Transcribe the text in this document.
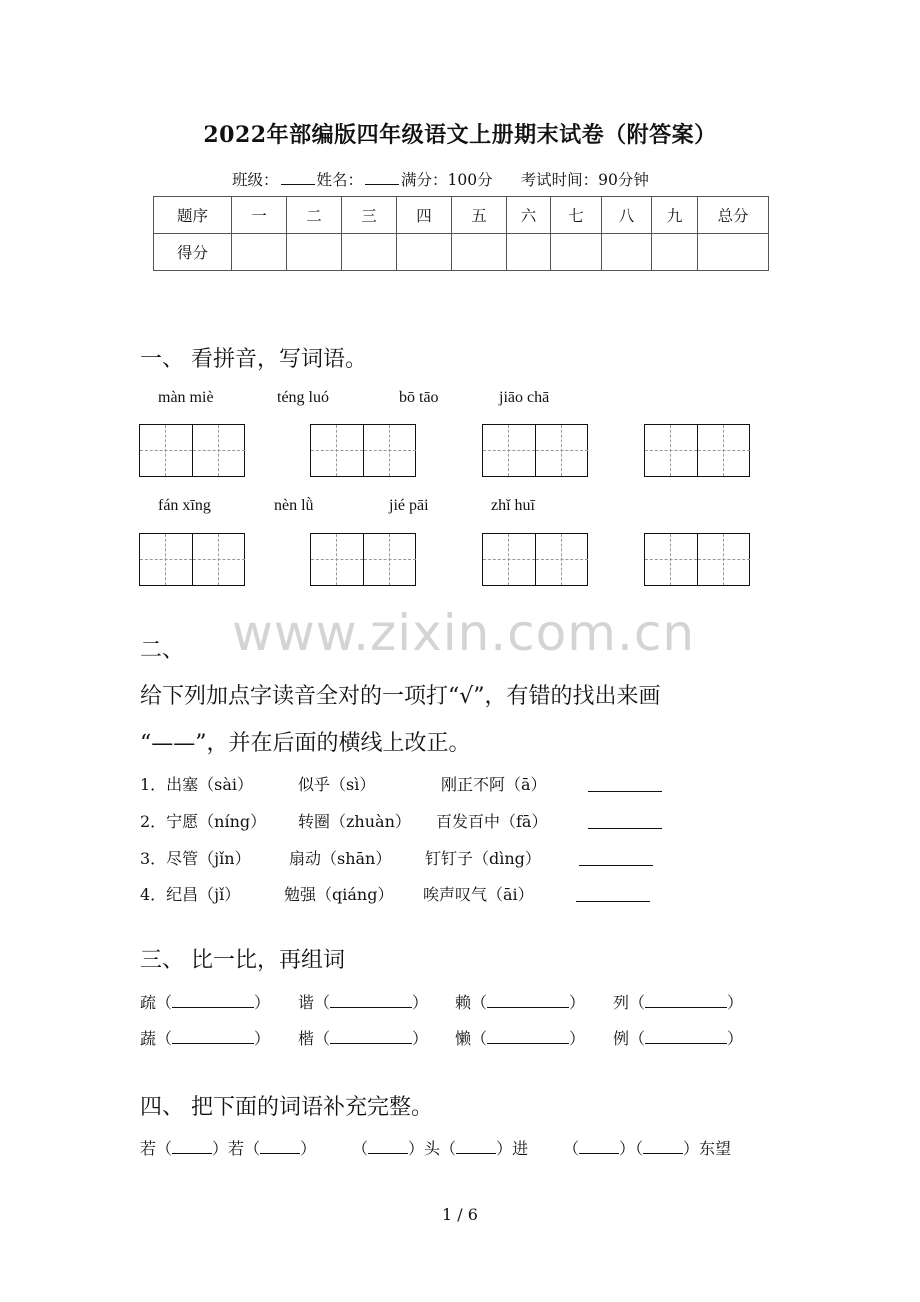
2022年部编版四年级语文上册期末试卷（附答案）
班级： 姓名： 满分：100分 考试时间：90分钟
题序	一	二	三	四	五	六	七	八	九	总分
得分										
一、 看拼音，写词语。
màn miè	téng luó	bō tāo	jiāo chā
fán xīng	nèn lǜ	jié pāi	zhǐ huī
www.zixin.com.cn
二、
给下列加点字读音全对的一项打“√”，有错的找出来画
“——”，并在后面的横线上改正。
1．出塞（sài）	似乎（sì）	刚正不阿（ā）
2．宁愿（níng） 转圈（zhuàn） 百发百中（fā）
3．尽管（jǐn） 扇动（shān） 钉钉子（dìng）
4．纪昌（jǐ）	勉强（qiáng） 唉声叹气（āi）
三、 比一比，再组词
疏（	） 谐（	） 赖（	） 列（	）
蔬（	） 楷（	） 懒（	） 例（	）
四、 把下面的词语补充完整。
若（	）若（	） （	）头（	）进 （	）（	）东望
1 / 6
